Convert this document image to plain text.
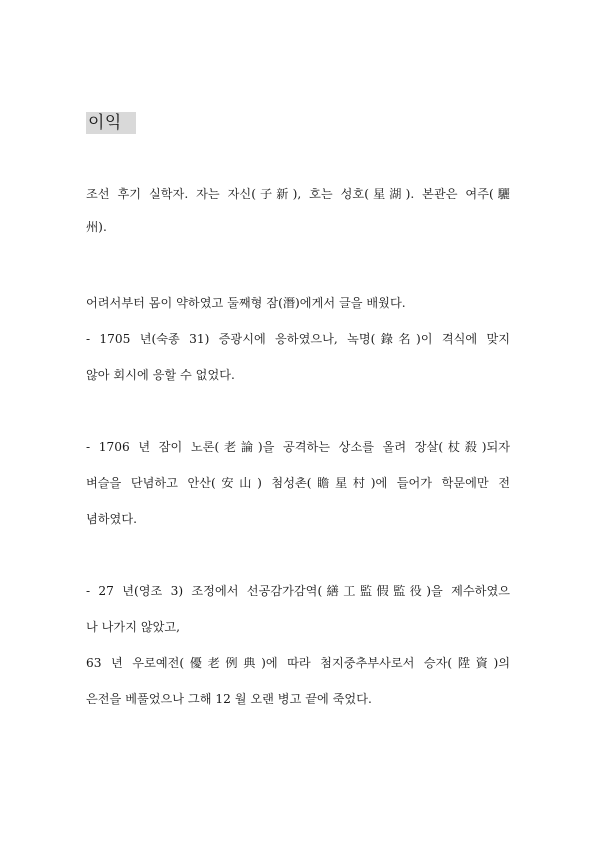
이익
조선 후기 실학자. 자는 자신(子新), 호는 성호(星湖). 본관은 여주(驪
州).
어려서부터 몸이 약하였고 둘째형 잠(潛)에게서 글을 배웠다.
- 1705 년(숙종 31) 증광시에 응하였으나, 녹명(錄名)이 격식에 맞지
않아 회시에 응할 수 없었다.
- 1706 년 잠이 노론(老論)을 공격하는 상소를 올려 장살(杖殺)되자
벼슬을 단념하고 안산(安山) 첨성촌(瞻星村)에 들어가 학문에만 전
념하였다.
- 27 년(영조 3) 조정에서 선공감가감역(繕工監假監役)을 제수하였으
나 나가지 않았고,
63 년 우로예전(優老例典)에 따라 첨지중추부사로서 승자(陞資)의
은전을 베풀었으나 그해 12 월 오랜 병고 끝에 죽었다.
